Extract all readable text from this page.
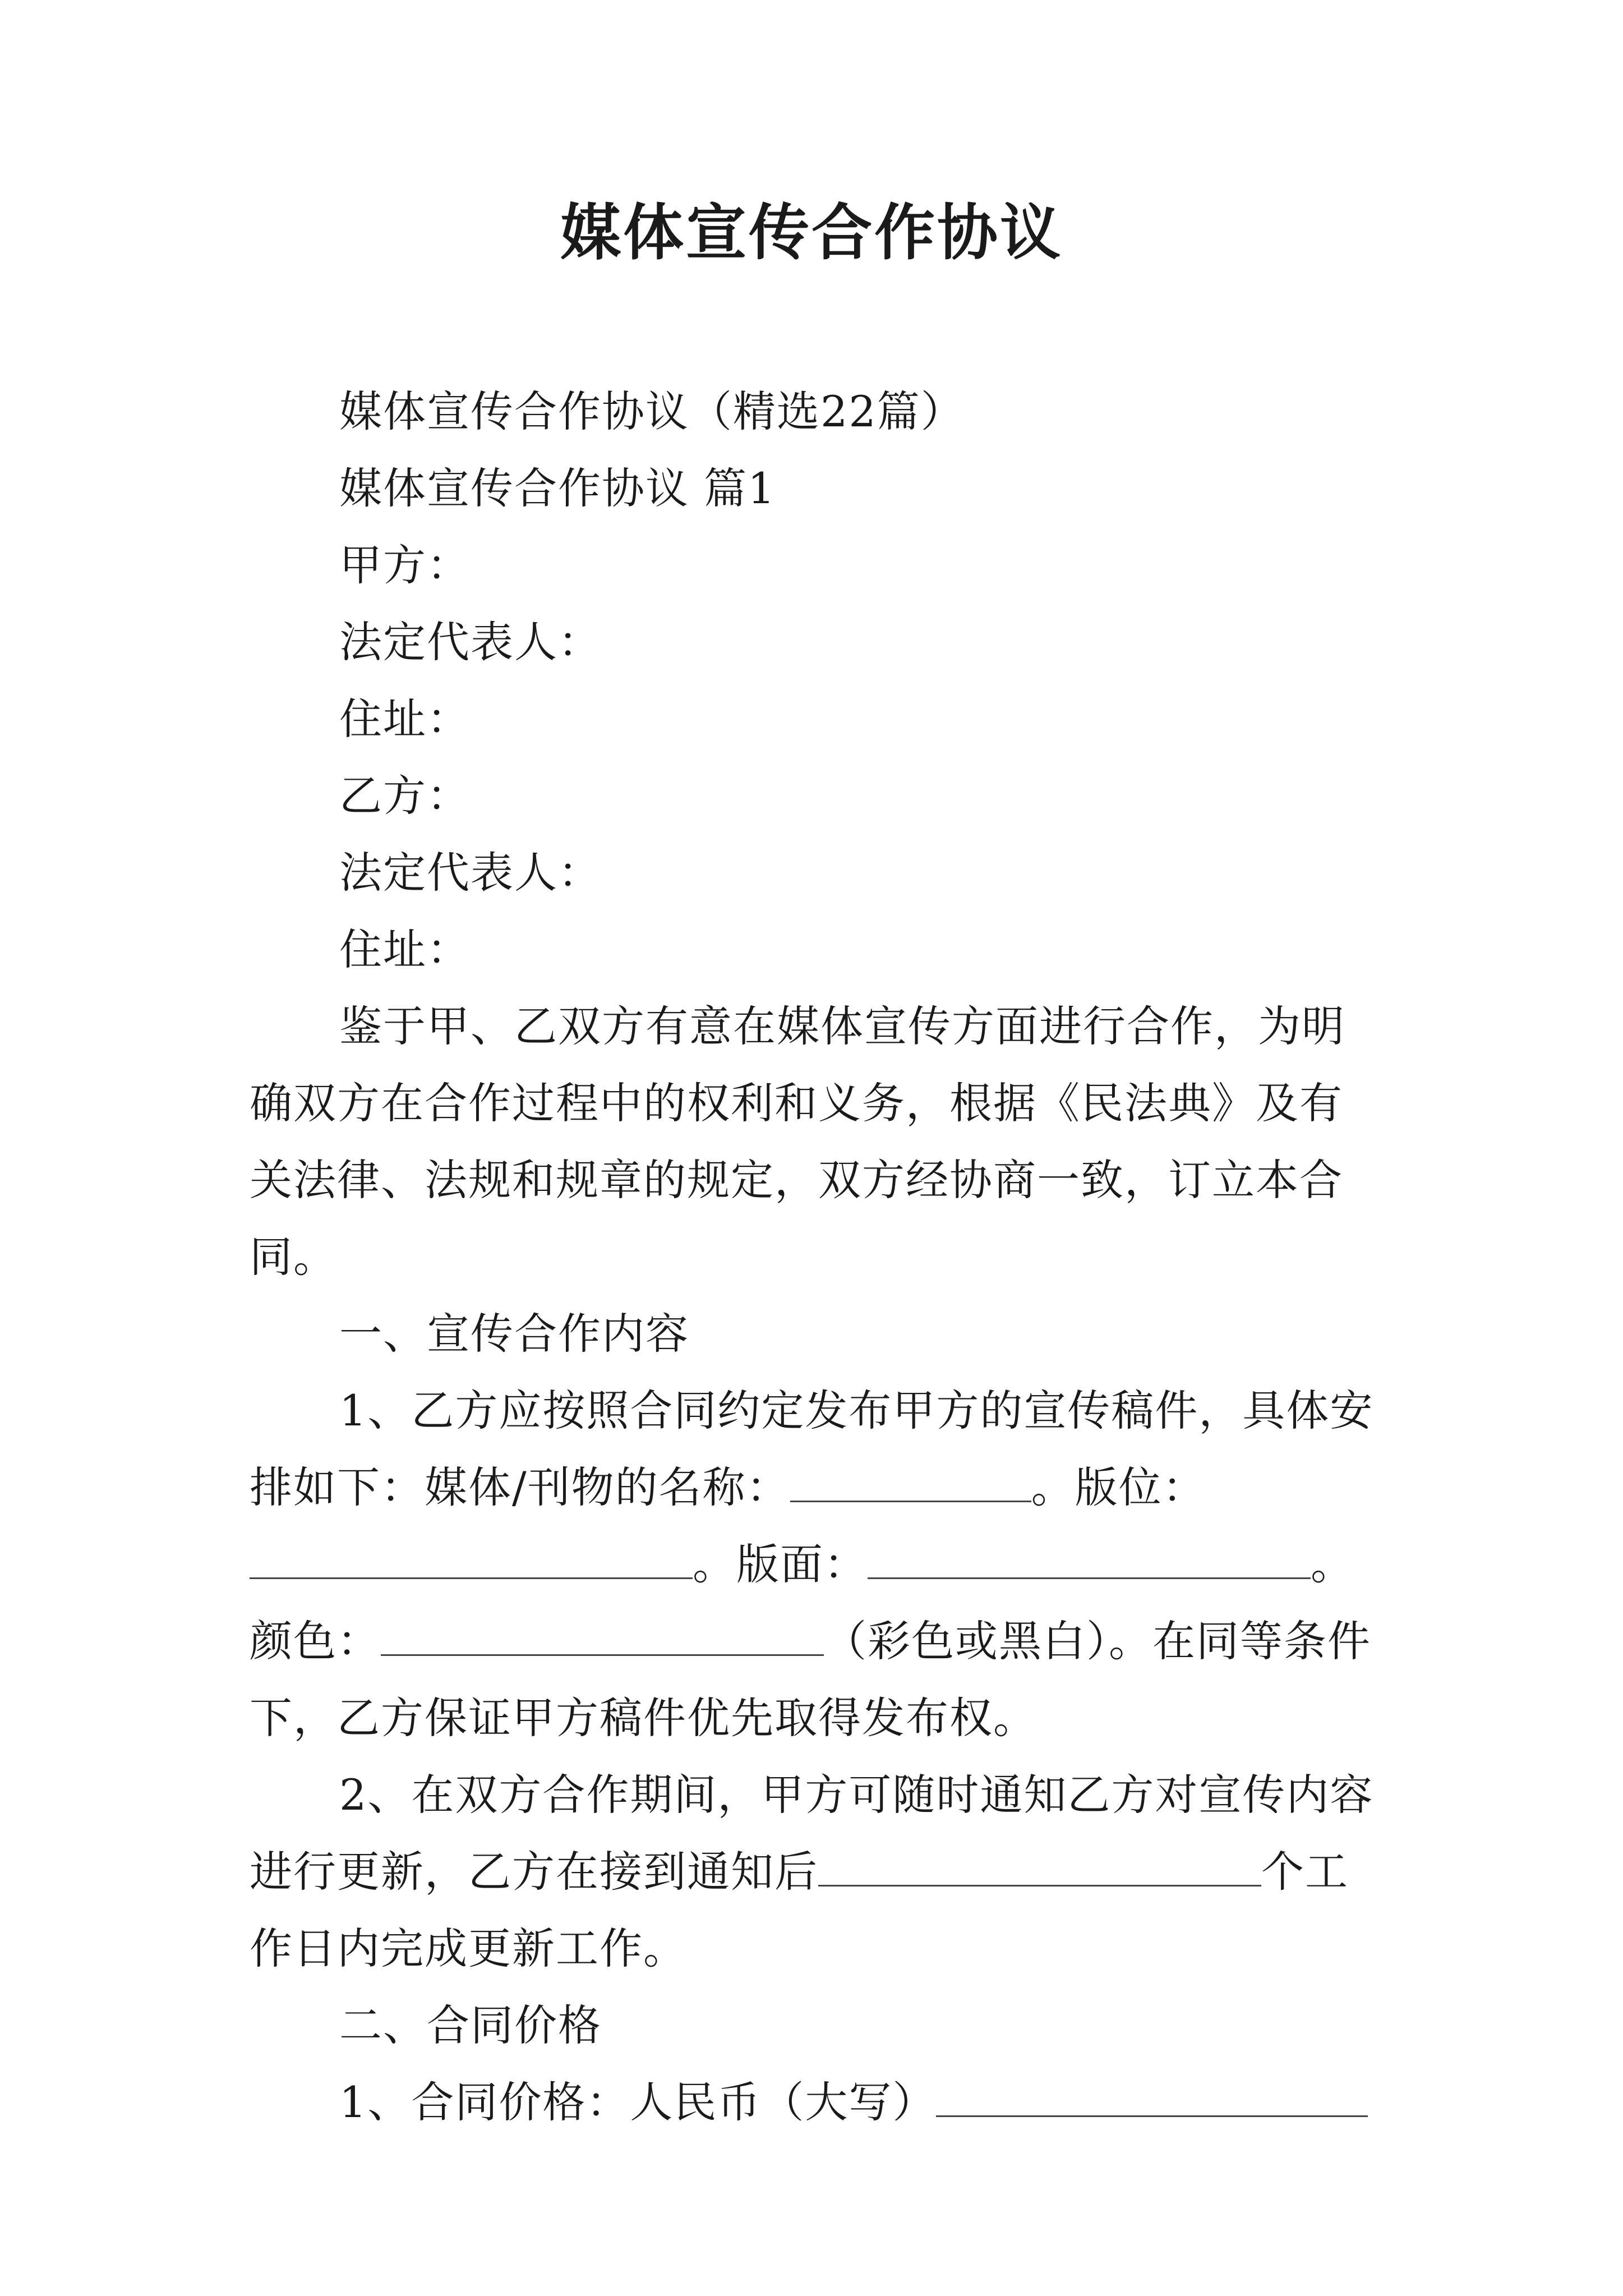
媒体宣传合作协议

媒体宣传合作协议（精选22篇）

媒体宣传合作协议 篇1

甲方：

法定代表人：

住址：

乙方：

法定代表人：

住址：

鉴于甲、乙双方有意在媒体宣传方面进行合作，为明确双方在合作过程中的权利和义务，根据《民法典》及有关法律、法规和规章的规定，双方经协商一致，订立本合同。

一、宣传合作内容

1、乙方应按照合同约定发布甲方的宣传稿件，具体安排如下：媒体/刊物的名称：	。版位：。版面：	。颜色：	（彩色或黑白）。在同等条件下，乙方保证甲方稿件优先取得发布权。

2、在双方合作期间，甲方可随时通知乙方对宣传内容进行更新，乙方在接到通知后	个工作日内完成更新工作。

二、合同价格

1、合同价格：人民币（大写）
